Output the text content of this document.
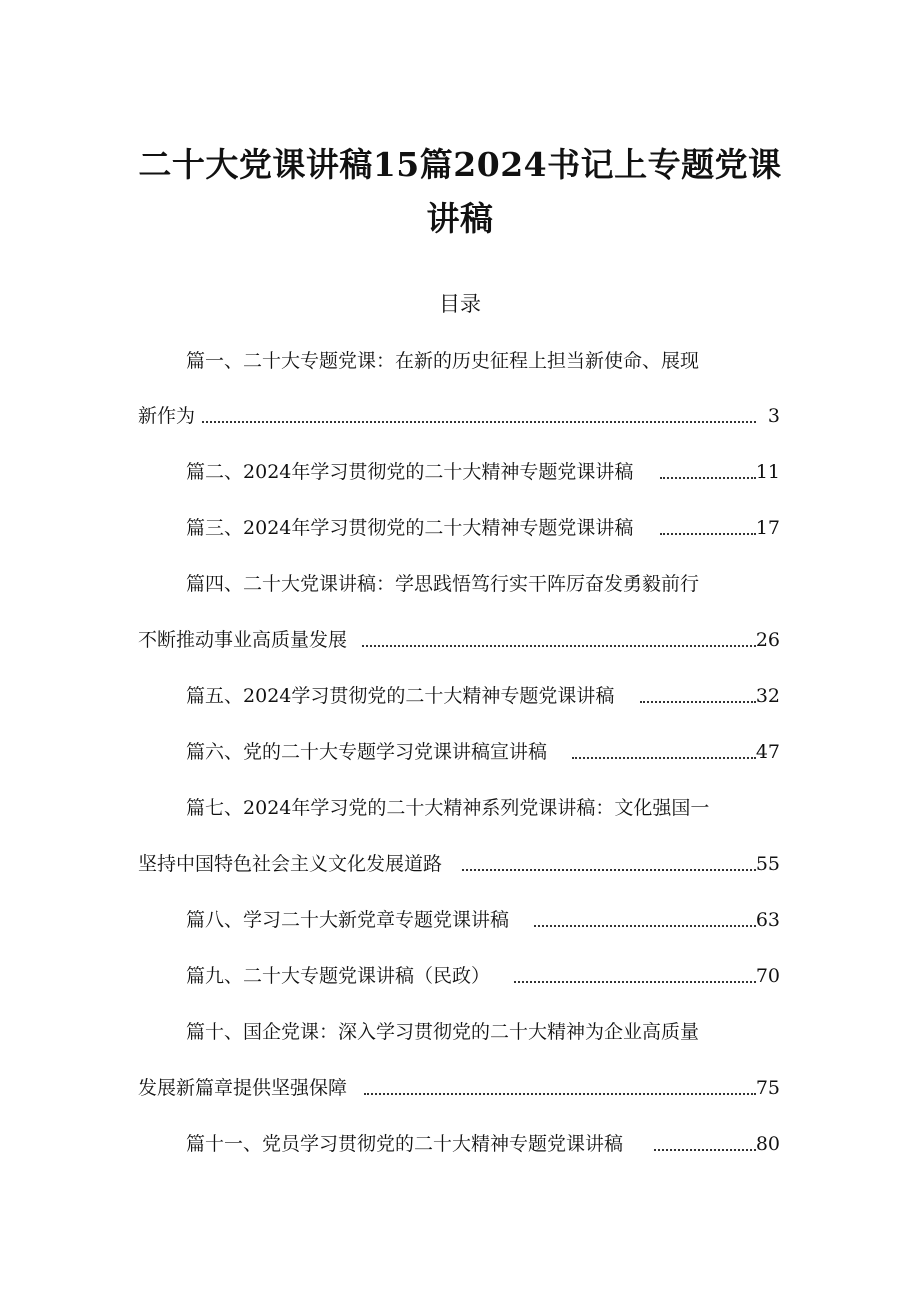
二十大党课讲稿15篇2024书记上专题党课
讲稿
目录
篇一、二十大专题党课：在新的历史征程上担当新使命、展现
新作为	3
篇二、2024年学习贯彻党的二十大精神专题党课讲稿	11
篇三、2024年学习贯彻党的二十大精神专题党课讲稿	17
篇四、二十大党课讲稿：学思践悟笃行实干阵厉奋发勇毅前行
不断推动事业高质量发展	26
篇五、2024学习贯彻党的二十大精神专题党课讲稿	32
篇六、党的二十大专题学习党课讲稿宣讲稿	47
篇七、2024年学习党的二十大精神系列党课讲稿：文化强国一
坚持中国特色社会主义文化发展道路	55
篇八、学习二十大新党章专题党课讲稿	63
篇九、二十大专题党课讲稿（民政）	70
篇十、国企党课：深入学习贯彻党的二十大精神为企业高质量
发展新篇章提供坚强保障	75
篇十一、党员学习贯彻党的二十大精神专题党课讲稿	80
